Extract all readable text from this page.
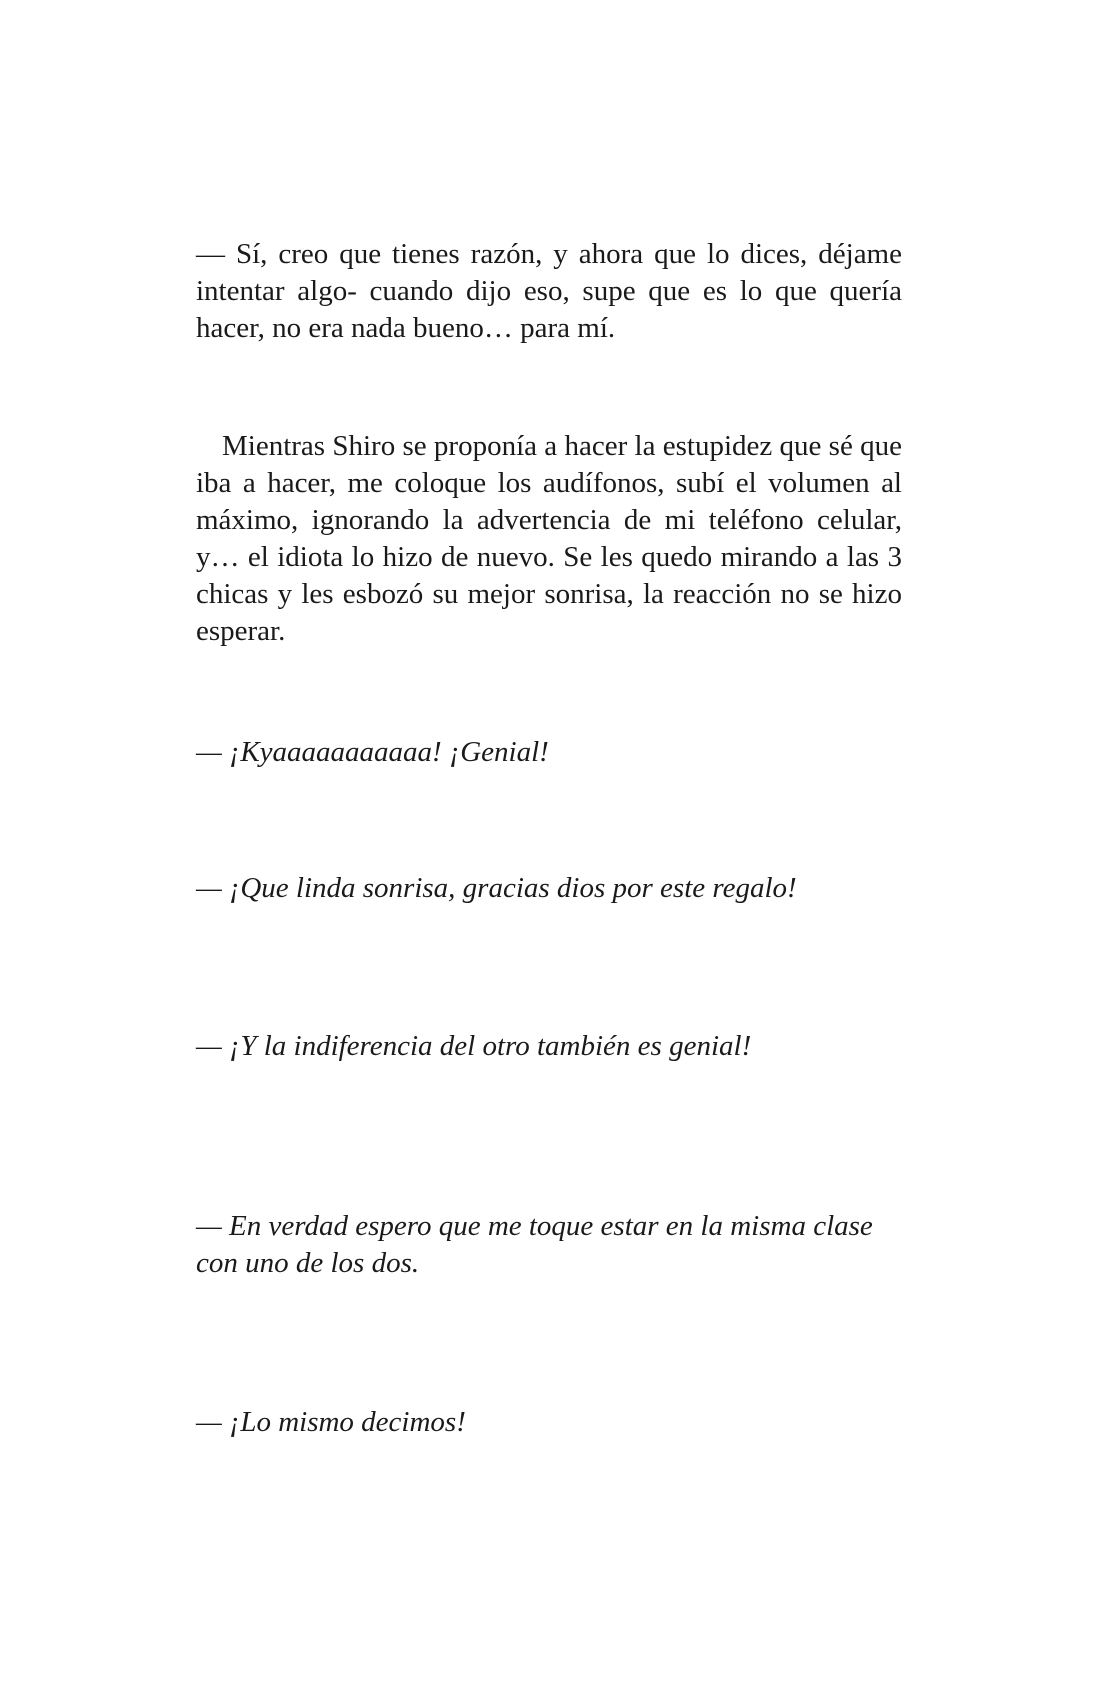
— Sí, creo que tienes razón, y ahora que lo dices, déjame intentar algo- cuando dijo eso, supe que es lo que quería hacer, no era nada bueno… para mí.

Mientras Shiro se proponía a hacer la estupidez que sé que iba a hacer, me coloque los audífonos, subí el volumen al máximo, ignorando la advertencia de mi teléfono celular, y… el idiota lo hizo de nuevo. Se les quedo mirando a las 3 chicas y les esbozó su mejor sonrisa, la reacción no se hizo esperar.

— ¡Kyaaaaaaaaaaa! ¡Genial!

— ¡Que linda sonrisa, gracias dios por este regalo!

— ¡Y la indiferencia del otro también es genial!

— En verdad espero que me toque estar en la misma clase con uno de los dos.

— ¡Lo mismo decimos!
